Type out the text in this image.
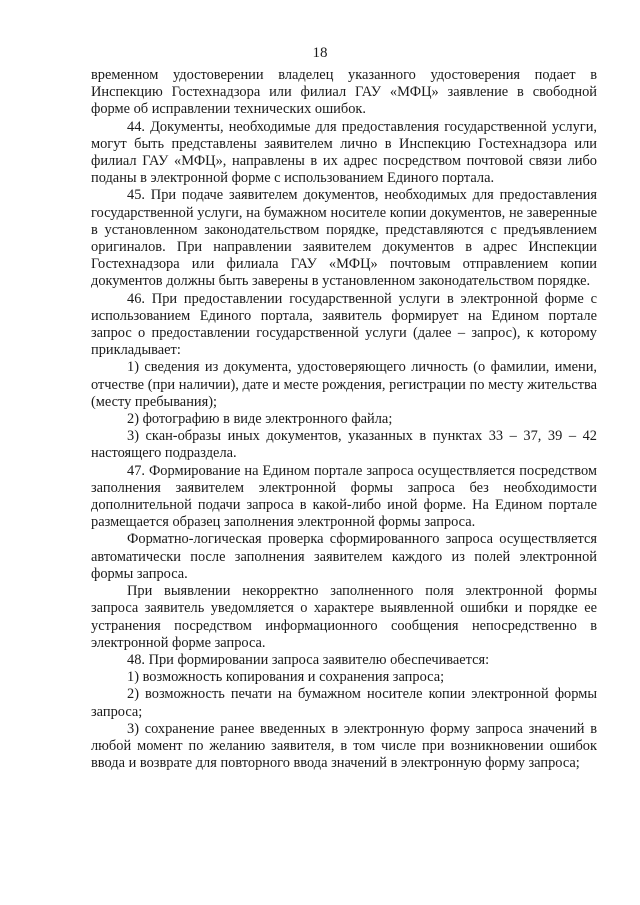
18

временном удостоверении владелец указанного удостоверения подает в Инспекцию Гостехнадзора или филиал ГАУ «МФЦ» заявление в свободной форме об исправлении технических ошибок.

44. Документы, необходимые для предоставления государственной услуги, могут быть представлены заявителем лично в Инспекцию Гостехнадзора или филиал ГАУ «МФЦ», направлены в их адрес посредством почтовой связи либо поданы в электронной форме с использованием Единого портала.

45. При подаче заявителем документов, необходимых для предоставления государственной услуги, на бумажном носителе копии документов, не заверенные в установленном законодательством порядке, представляются с предъявлением оригиналов. При направлении заявителем документов в адрес Инспекции Гостехнадзора или филиала ГАУ «МФЦ» почтовым отправлением копии документов должны быть заверены в установленном законодательством порядке.

46. При предоставлении государственной услуги в электронной форме с использованием Единого портала, заявитель формирует на Едином портале запрос о предоставлении государственной услуги (далее – запрос), к которому прикладывает:

1) сведения из документа, удостоверяющего личность (о фамилии, имени, отчестве (при наличии), дате и месте рождения, регистрации по месту жительства (месту пребывания);

2) фотографию в виде электронного файла;

3) скан-образы иных документов, указанных в пунктах 33 – 37, 39 – 42 настоящего подраздела.

47. Формирование на Едином портале запроса осуществляется посредством заполнения заявителем электронной формы запроса без необходимости дополнительной подачи запроса в какой-либо иной форме. На Едином портале размещается образец заполнения электронной формы запроса.

Форматно-логическая проверка сформированного запроса осуществляется автоматически после заполнения заявителем каждого из полей электронной формы запроса.

При выявлении некорректно заполненного поля электронной формы запроса заявитель уведомляется о характере выявленной ошибки и порядке ее устранения посредством информационного сообщения непосредственно в электронной форме запроса.

48. При формировании запроса заявителю обеспечивается:

1) возможность копирования и сохранения запроса;

2) возможность печати на бумажном носителе копии электронной формы запроса;

3) сохранение ранее введенных в электронную форму запроса значений в любой момент по желанию заявителя, в том числе при возникновении ошибок ввода и возврате для повторного ввода значений в электронную форму запроса;
